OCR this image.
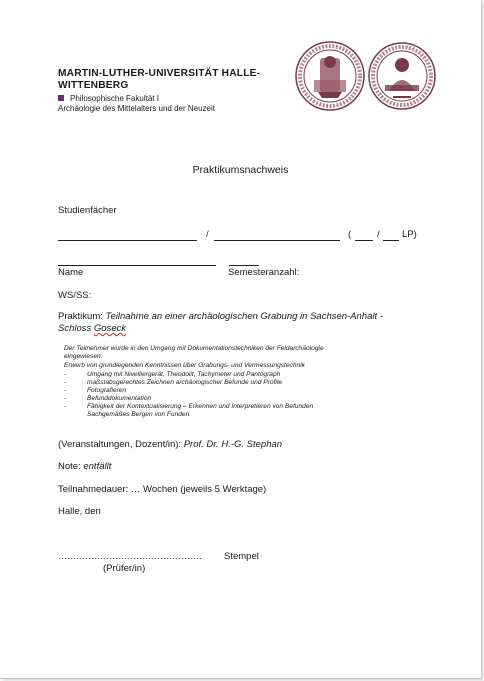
MARTIN-LUTHER-UNIVERSITÄT HALLE-
WITTENBERG
Philosophische Fakultät I
Archäologie des Mittelalters und der Neuzeit
Praktikumsnachweis
Studienfächer
/	(	/ LP)
Name	Semesteranzahl:
WS/SS:
Praktikum: Teilnahme an einer archäologischen Grabung in Sachsen-Anhalt -
Schloss Goseck
Der Teilnehmer wurde in den Umgang mit Dokumentationstechniken der Feldarchäologie
eingewiesen:
Erwerb von grundlegenden Kenntnissen über Grabungs- und Vermessungstechnik
-	Umgang mit Nivelliergerät, Theodolit, Tachymeter und Pantograph
-	maßstabsgerechtes Zeichnen archäologischer Befunde und Profile
-	Fotografieren
-	Befunddokumentation
-	Fähigkeit der Kontextualisierung – Erkennen und Interpretieren von Befunden
Sachgemäßes Bergen von Funden
(Veranstaltungen, Dozent/in): Prof. Dr. H.-G. Stephan
Note: entfällt
Teilnahmedauer: … Wochen (jeweils 5 Werktage)
Halle, den
………………………………………… Stempel
(Prüfer/in)
